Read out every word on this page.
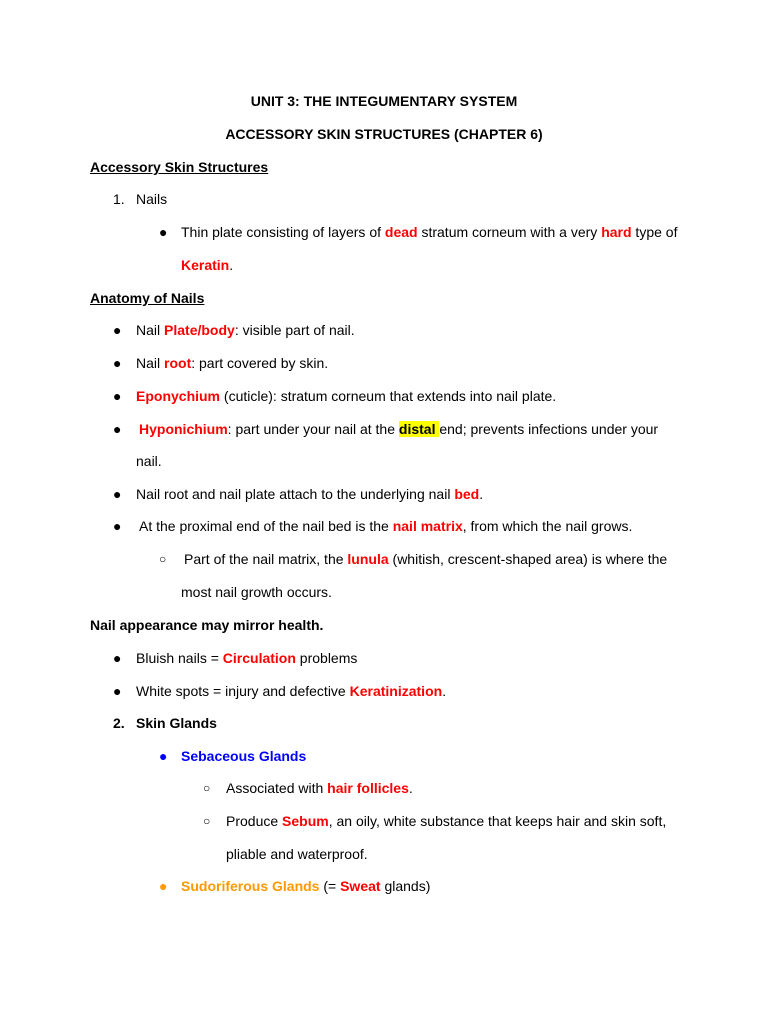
UNIT 3: THE INTEGUMENTARY SYSTEM
ACCESSORY SKIN STRUCTURES (CHAPTER 6)
Accessory Skin Structures
1. Nails
● Thin plate consisting of layers of dead stratum corneum with a very hard type of
Keratin.
Anatomy of Nails
● Nail Plate/body: visible part of nail.
● Nail root: part covered by skin.
● Eponychium (cuticle): stratum corneum that extends into nail plate.
● Hyponichium: part under your nail at the distal end; prevents infections under your
nail.
● Nail root and nail plate attach to the underlying nail bed.
● At the proximal end of the nail bed is the nail matrix, from which the nail grows.
○ Part of the nail matrix, the lunula (whitish, crescent-shaped area) is where the
most nail growth occurs.
Nail appearance may mirror health.
● Bluish nails = Circulation problems
● White spots = injury and defective Keratinization.
2. Skin Glands
● Sebaceous Glands
○ Associated with hair follicles.
○ Produce Sebum, an oily, white substance that keeps hair and skin soft,
pliable and waterproof.
● Sudoriferous Glands (= Sweat glands)
